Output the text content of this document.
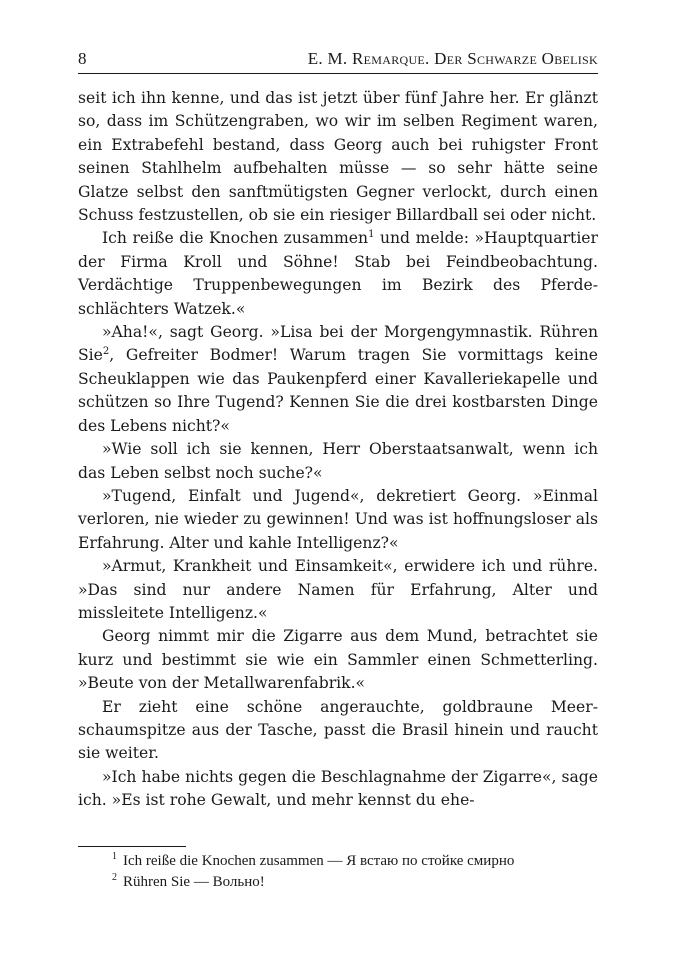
8	E. M. Remarque. Der Schwarze Obelisk

seit ich ihn kenne, und das ist jetzt über fünf Jahre her. Er glänzt so, dass im Schützengraben, wo wir im selben Regiment waren, ein Extrabefehl bestand, dass Georg auch bei ruhigster Front seinen Stahlhelm aufbehalten müsse — so sehr hätte seine Glatze selbst den sanftmütigsten Gegner verlockt, durch einen Schuss festzustellen, ob sie ein riesiger Billardball sei oder nicht.

Ich reiße die Knochen zusammen$^1$ und melde: »Hauptquartier der Firma Kroll und Söhne! Stab bei Feindbeobachtung. Verdächtige Truppenbewegungen im Bezirk des Pferdeschlächters Watzek.«

»Aha!«, sagt Georg. »Lisa bei der Morgengymnastik. Rühren Sie$^2$, Gefreiter Bodmer! Warum tragen Sie vormittags keine Scheuklappen wie das Paukenpferd einer Kavalleriekapelle und schützen so Ihre Tugend? Kennen Sie die drei kostbarsten Dinge des Lebens nicht?«

»Wie soll ich sie kennen, Herr Oberstaatsanwalt, wenn ich das Leben selbst noch suche?«

»Tugend, Einfalt und Jugend«, dekretiert Georg. »Einmal verloren, nie wieder zu gewinnen! Und was ist hoffnungsloser als Erfahrung. Alter und kahle Intelligenz?«

»Armut, Krankheit und Einsamkeit«, erwidere ich und rühre. »Das sind nur andere Namen für Erfahrung, Alter und missleitete Intelligenz.«

Georg nimmt mir die Zigarre aus dem Mund, betrachtet sie kurz und bestimmt sie wie ein Sammler einen Schmetterling. »Beute von der Metallwarenfabrik.«

Er zieht eine schöne angerauchte, goldbraune Meerschaumspitze aus der Tasche, passt die Brasil hinein und raucht sie weiter.

»Ich habe nichts gegen die Beschlagnahme der Zigarre«, sage ich. »Es ist rohe Gewalt, und mehr kennst du ehe-

$^1$ Ich reiße die Knochen zusammen — Я встаю по стойке смирно
$^2$ Rühren Sie — Вольно!
